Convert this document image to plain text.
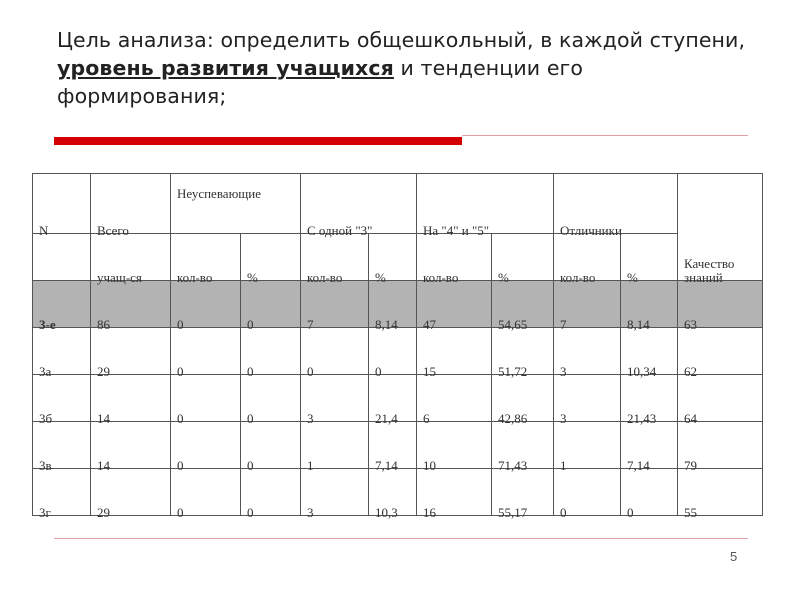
Цель анализа: определить общешкольный, в каждой ступени, уровень развития учащихся и тенденции его формирования;
N	Всего	Неуспевающие		С одной "3"		На "4" и "5"		Отличники		Качество знаний

	учащ-ся	кол-во	%	кол-во	%	кол-во	%	кол-во	%	

3-е	86	0	0	7	8,14	47	54,65	7	8,14	63

3а	29	0	0	0	0	15	51,72	3	10,34	62

3б	14	0	0	3	21,4	6	42,86	3	21,43	64

3в	14	0	0	1	7,14	10	71,43	1	7,14	79

3г	29	0	0	3	10,3	16	55,17	0	0	55
5
